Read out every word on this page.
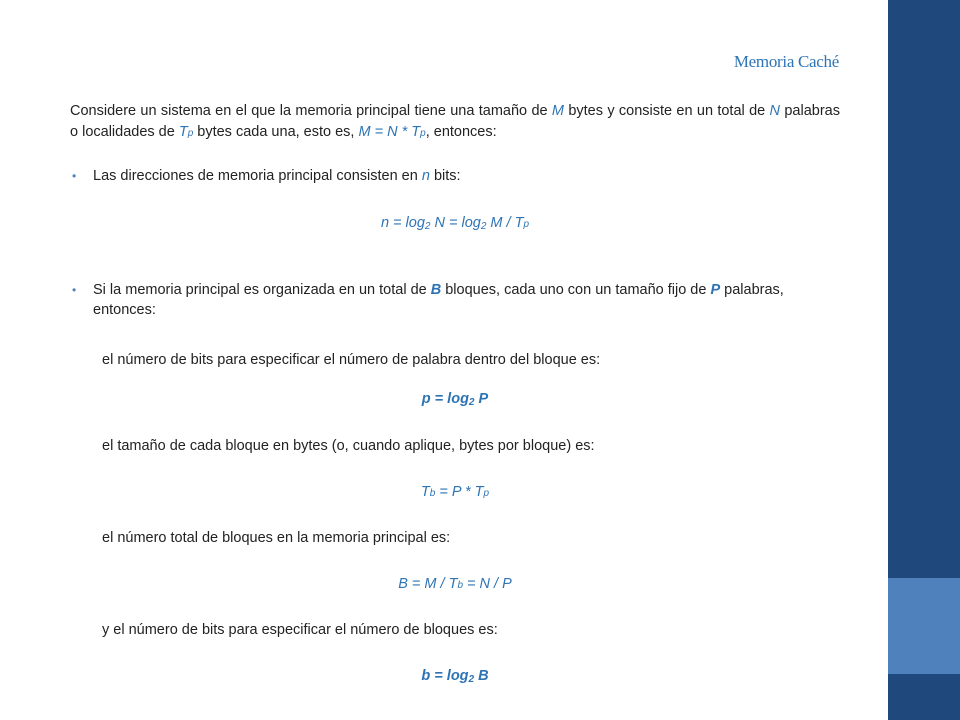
Memoria Caché

Considere un sistema en el que la memoria principal tiene una tamaño de M bytes y consiste en un total de N palabras o localidades de Tp bytes cada una, esto es, M = N * Tp, entonces:

•	Las direcciones de memoria principal consisten en n bits:

n = log2 N = log2 M / Tp

•	Si la memoria principal es organizada en un total de B bloques, cada uno con un tamaño fijo de P palabras, entonces:

el número de bits para especificar el número de palabra dentro del bloque es:

p = log2 P

el tamaño de cada bloque en bytes (o, cuando aplique, bytes por bloque) es:

Tb = P * Tp

el número total de bloques en la memoria principal es:

B = M / Tb = N / P

y el número de bits para especificar el número de bloques es:

b = log2 B
